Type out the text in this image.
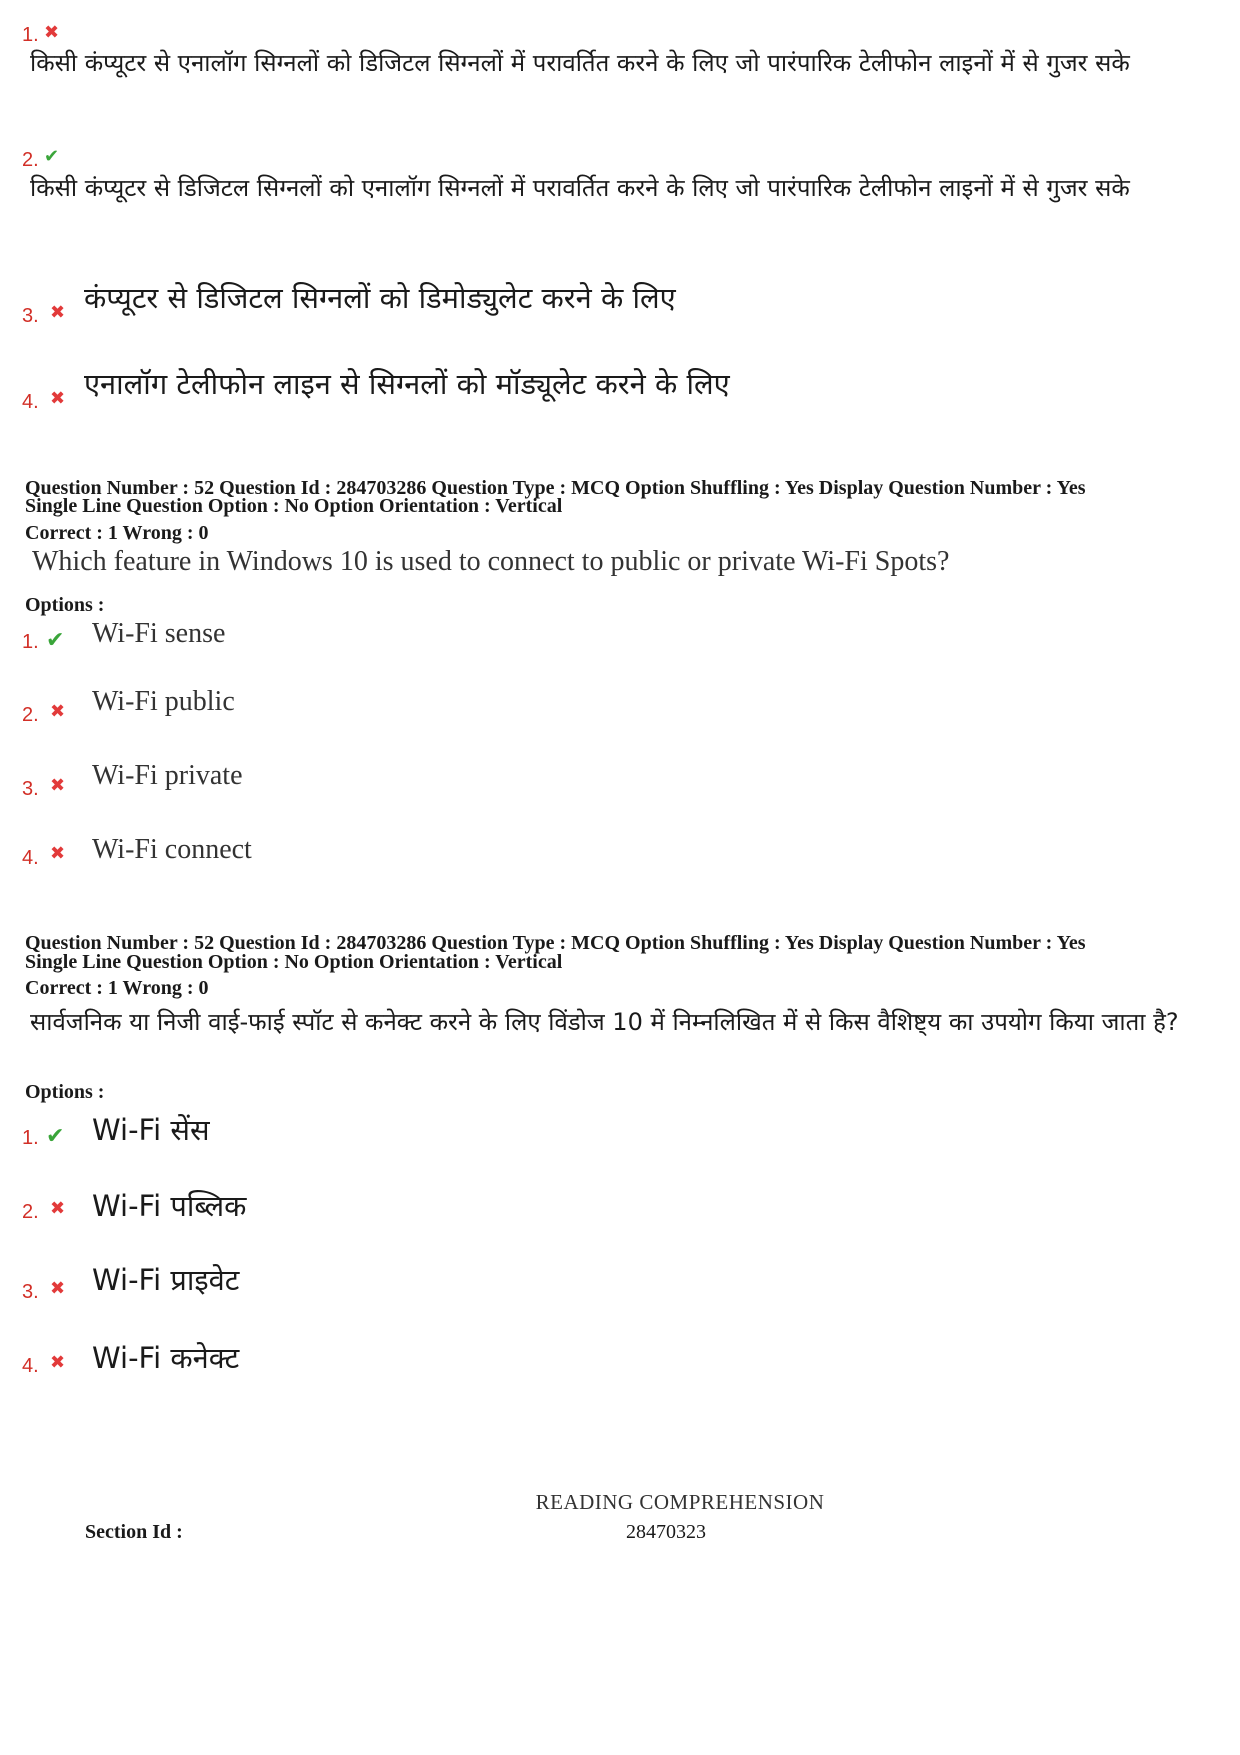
1. ✖
किसी कंप्यूटर से एनालॉग सिग्नलों को डिजिटल सिग्नलों में परावर्तित करने के लिए जो पारंपारिक टेलीफोन लाइनों में से गुजर सके
2. ✔
किसी कंप्यूटर से डिजिटल सिग्नलों को एनालॉग सिग्नलों में परावर्तित करने के लिए जो पारंपारिक टेलीफोन लाइनों में से गुजर सके
3. ✖ कंप्यूटर से डिजिटल सिग्नलों को डिमोड्युलेट करने के लिए
4. ✖ एनालॉग टेलीफोन लाइन से सिग्नलों को मॉड्यूलेट करने के लिए
Question Number : 52 Question Id : 284703286 Question Type : MCQ Option Shuffling : Yes Display Question Number : Yes
Single Line Question Option : No Option Orientation : Vertical
Correct : 1 Wrong : 0
Which feature in Windows 10 is used to connect to public or private Wi-Fi Spots?
Options :
1. ✔ Wi-Fi sense
2. ✖ Wi-Fi public
3. ✖ Wi-Fi private
4. ✖ Wi-Fi connect
Question Number : 52 Question Id : 284703286 Question Type : MCQ Option Shuffling : Yes Display Question Number : Yes
Single Line Question Option : No Option Orientation : Vertical
Correct : 1 Wrong : 0
सार्वजनिक या निजी वाई-फाई स्पॉट से कनेक्ट करने के लिए विंडोज 10 में निम्नलिखित में से किस वैशिष्ट्य का उपयोग किया जाता है?
Options :
1. ✔ Wi-Fi सेंस
2. ✖ Wi-Fi पब्लिक
3. ✖ Wi-Fi प्राइवेट
4. ✖ Wi-Fi कनेक्ट
READING COMPREHENSION
Section Id :	28470323
